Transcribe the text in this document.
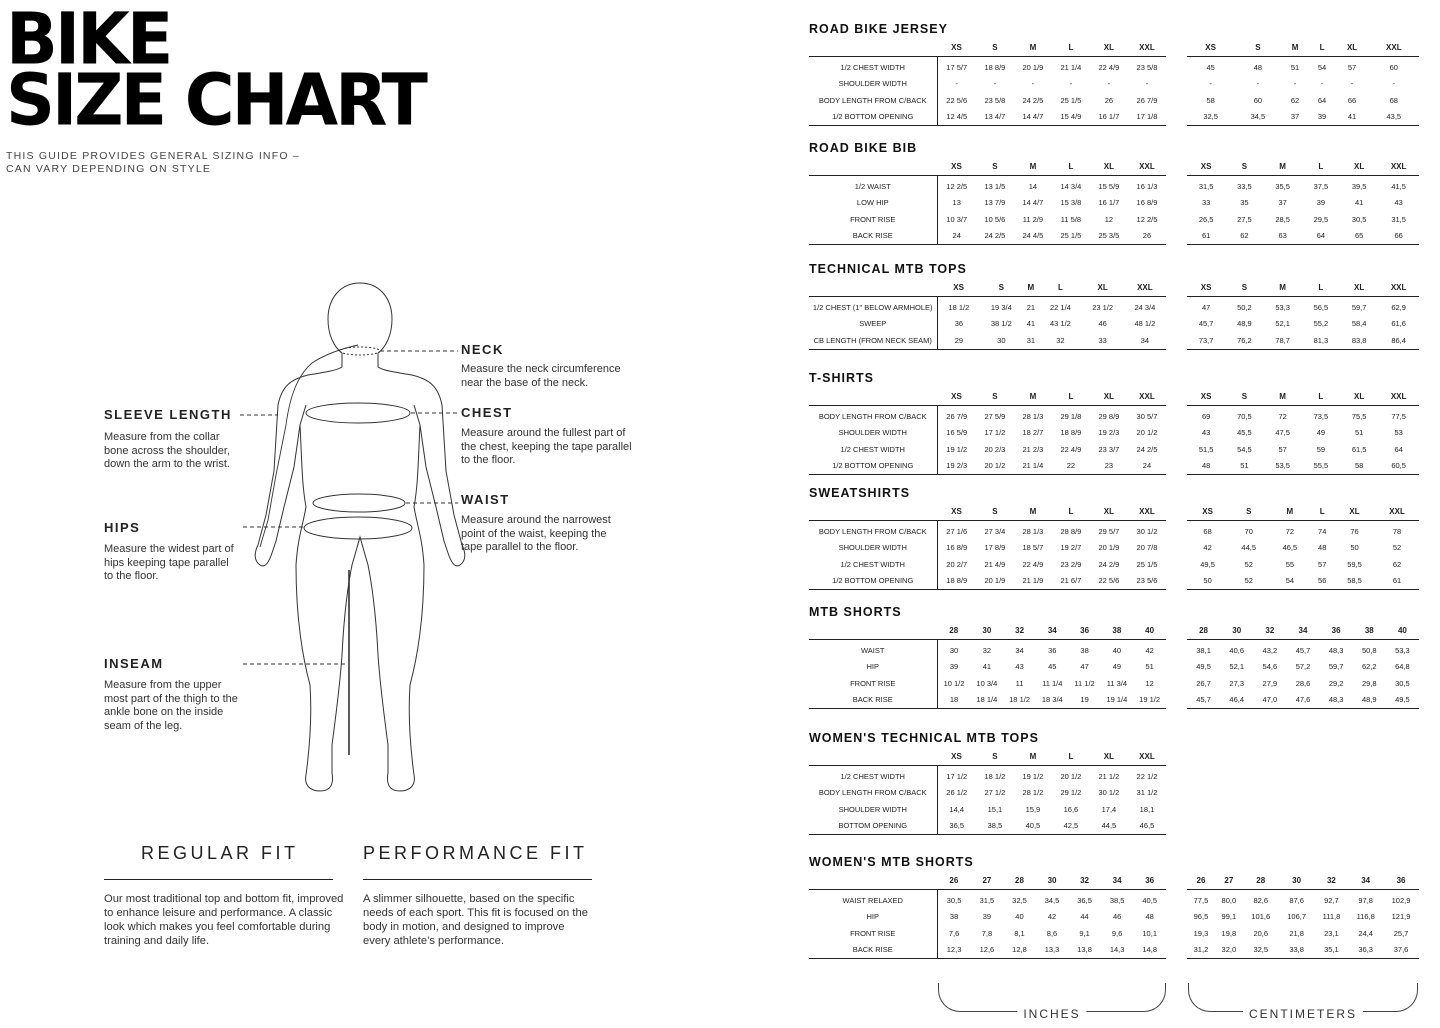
BIKE
SIZE CHART
THIS GUIDE PROVIDES GENERAL SIZING INFO –
CAN VARY DEPENDING ON STYLE
NECK
Measure the neck circumference near the base of the neck.
CHEST
Measure around the fullest part of the chest, keeping the tape parallel to the floor.
WAIST
Measure around the narrowest point of the waist, keeping the tape parallel to the floor.
SLEEVE LENGTH
Measure from the collar bone across the shoulder, down the arm to the wrist.
HIPS
Measure the widest part of hips keeping tape parallel to the floor.
INSEAM
Measure from the upper most part of the thigh to the ankle bone on the inside seam of the leg.
REGULAR FIT
Our most traditional top and bottom fit, improved to enhance leisure and performance. A classic look which makes you feel comfortable during training and daily life.
PERFORMANCE FIT
A slimmer silhouette, based on the specific needs of each sport. This fit is focused on the body in motion, and designed to improve every athlete’s performance.
ROAD BIKE JERSEY
	XS	S	M	L	XL	XXL
1/2 CHEST WIDTH	17 5/7	18 8/9	20 1/9	21 1/4	22 4/9	23 5/8
SHOULDER WIDTH	-	-	-	-	-	-
BODY LENGTH FROM C/BACK	22 5/6	23 5/8	24 2/5	25 1/5	26	26 7/9
1/2 BOTTOM OPENING	12 4/5	13 4/7	14 4/7	15 4/9	16 1/7	17 1/8
XS	S	M	L	XL	XXL
45	48	51	54	57	60
-	-	-	-	-	-
58	60	62	64	66	68
32,5	34,5	37	39	41	43,5
ROAD BIKE BIB
	XS	S	M	L	XL	XXL
1/2 WAIST	12 2/5	13 1/5	14	14 3/4	15 5/9	16 1/3
LOW HIP	13	13 7/9	14 4/7	15 3/8	16 1/7	16 8/9
FRONT RISE	10 3/7	10 5/6	11 2/9	11 5/8	12	12 2/5
BACK RISE	24	24 2/5	24 4/5	25 1/5	25 3/5	26
XS	S	M	L	XL	XXL
31,5	33,5	35,5	37,5	39,5	41,5
33	35	37	39	41	43
26,5	27,5	28,5	29,5	30,5	31,5
61	62	63	64	65	66
TECHNICAL MTB TOPS
	XS	S	M	L	XL	XXL
1/2 CHEST (1" BELOW ARMHOLE)	18 1/2	19 3/4	21	22 1/4	23 1/2	24 3/4
SWEEP	36	38 1/2	41	43 1/2	46	48 1/2
CB LENGTH (FROM NECK SEAM)	29	30	31	32	33	34
XS	S	M	L	XL	XXL
47	50,2	53,3	56,5	59,7	62,9
45,7	48,9	52,1	55,2	58,4	61,6
73,7	76,2	78,7	81,3	83,8	86,4
T-SHIRTS
	XS	S	M	L	XL	XXL
BODY LENGTH FROM C/BACK	26 7/9	27 5/9	28 1/3	29 1/8	29 8/9	30 5/7
SHOULDER WIDTH	16 5/9	17 1/2	18 2/7	18 8/9	19 2/3	20 1/2
1/2 CHEST WIDTH	19 1/2	20 2/3	21 2/3	22 4/9	23 3/7	24 2/5
1/2 BOTTOM OPENING	19 2/3	20 1/2	21 1/4	22	23	24
XS	S	M	L	XL	XXL
69	70,5	72	73,5	75,5	77,5
43	45,5	47,5	49	51	53
51,5	54,5	57	59	61,5	64
48	51	53,5	55,5	58	60,5
SWEATSHIRTS
	XS	S	M	L	XL	XXL
BODY LENGTH FROM C/BACK	27 1/6	27 3/4	28 1/3	28 8/9	29 5/7	30 1/2
SHOULDER WIDTH	16 8/9	17 8/9	18 5/7	19 2/7	20 1/9	20 7/8
1/2 CHEST WIDTH	20 2/7	21 4/9	22 4/9	23 2/9	24 2/9	25 1/5
1/2 BOTTOM OPENING	18 8/9	20 1/9	21 1/9	21 6/7	22 5/6	23 5/6
XS	S	M	L	XL	XXL
68	70	72	74	76	78
42	44,5	46,5	48	50	52
49,5	52	55	57	59,5	62
50	52	54	56	58,5	61
MTB SHORTS
	28	30	32	34	36	38	40
WAIST	30	32	34	36	38	40	42
HIP	39	41	43	45	47	49	51
FRONT RISE	10 1/2	10 3/4	11	11 1/4	11 1/2	11 3/4	12
BACK RISE	18	18 1/4	18 1/2	18 3/4	19	19 1/4	19 1/2
28	30	32	34	36	38	40
38,1	40,6	43,2	45,7	48,3	50,8	53,3
49,5	52,1	54,6	57,2	59,7	62,2	64,8
26,7	27,3	27,9	28,6	29,2	29,8	30,5
45,7	46,4	47,0	47,6	48,3	48,9	49,5
WOMEN'S TECHNICAL MTB TOPS
	XS	S	M	L	XL	XXL
1/2 CHEST WIDTH	17 1/2	18 1/2	19 1/2	20 1/2	21 1/2	22 1/2
BODY LENGTH FROM C/BACK	26 1/2	27 1/2	28 1/2	29 1/2	30 1/2	31 1/2
SHOULDER WIDTH	14,4	15,1	15,9	16,6	17,4	18,1
BOTTOM OPENING	36,5	38,5	40,5	42,5	44,5	46,5
WOMEN'S MTB SHORTS
	26	27	28	30	32	34	36
WAIST RELAXED	30,5	31,5	32,5	34,5	36,5	38,5	40,5
HIP	38	39	40	42	44	46	48
FRONT RISE	7,6	7,8	8,1	8,6	9,1	9,6	10,1
BACK RISE	12,3	12,6	12,8	13,3	13,8	14,3	14,8
26	27	28	30	32	34	36
77,5	80,0	82,6	87,6	92,7	97,8	102,9
96,5	99,1	101,6	106,7	111,8	116,8	121,9
19,3	19,8	20,6	21,8	23,1	24,4	25,7
31,2	32,0	32,5	33,8	35,1	36,3	37,6
INCHES	CENTIMETERS
